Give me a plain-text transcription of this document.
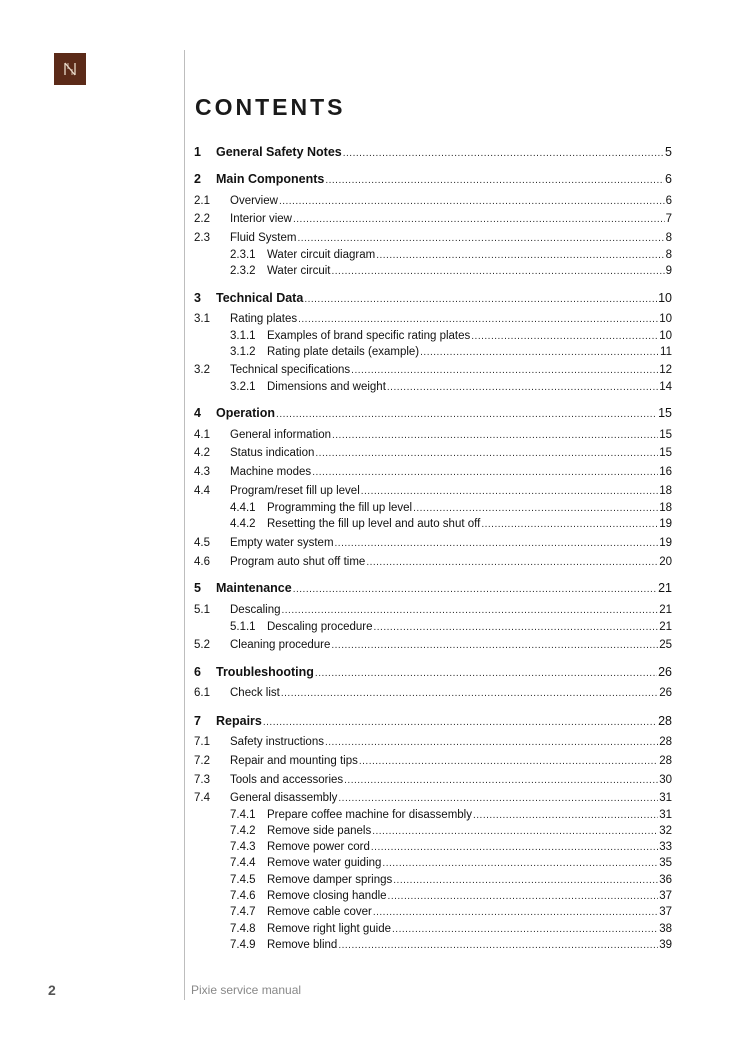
CONTENTS
1	General Safety Notes .....	5
2	Main Components .....	6
2.1	Overview .....	6
2.2	Interior view .....	7
2.3	Fluid System .....	8
2.3.1 Water circuit diagram .....	8
2.3.2 Water circuit .....	9
3	Technical Data .....	10
3.1	Rating plates .....	10
3.1.1 Examples of brand specific rating plates .....	10
3.1.2 Rating plate details (example) .....	11
3.2	Technical specifications .....	12
3.2.1 Dimensions and weight .....	14
4	Operation .....	15
4.1	General information .....	15
4.2	Status indication .....	15
4.3	Machine modes .....	16
4.4	Program/reset fill up level .....	18
4.4.1 Programming the fill up level .....	18
4.4.2 Resetting the fill up level and auto shut off .....	19
4.5	Empty water system .....	19
4.6	Program auto shut off time .....	20
5	Maintenance .....	21
5.1	Descaling .....	21
5.1.1 Descaling procedure .....	21
5.2	Cleaning procedure .....	25
6	Troubleshooting .....	26
6.1	Check list .....	26
7	Repairs .....	28
7.1	Safety instructions .....	28
7.2	Repair and mounting tips .....	28
7.3	Tools and accessories .....	30
7.4	General disassembly .....	31
7.4.1 Prepare coffee machine for disassembly .....	31
7.4.2 Remove side panels .....	32
7.4.3 Remove power cord .....	33
7.4.4 Remove water guiding .....	35
7.4.5 Remove damper springs .....	36
7.4.6 Remove closing handle .....	37
7.4.7 Remove cable cover .....	37
7.4.8 Remove right light guide .....	38
7.4.9 Remove blind .....	39
2	Pixie service manual
